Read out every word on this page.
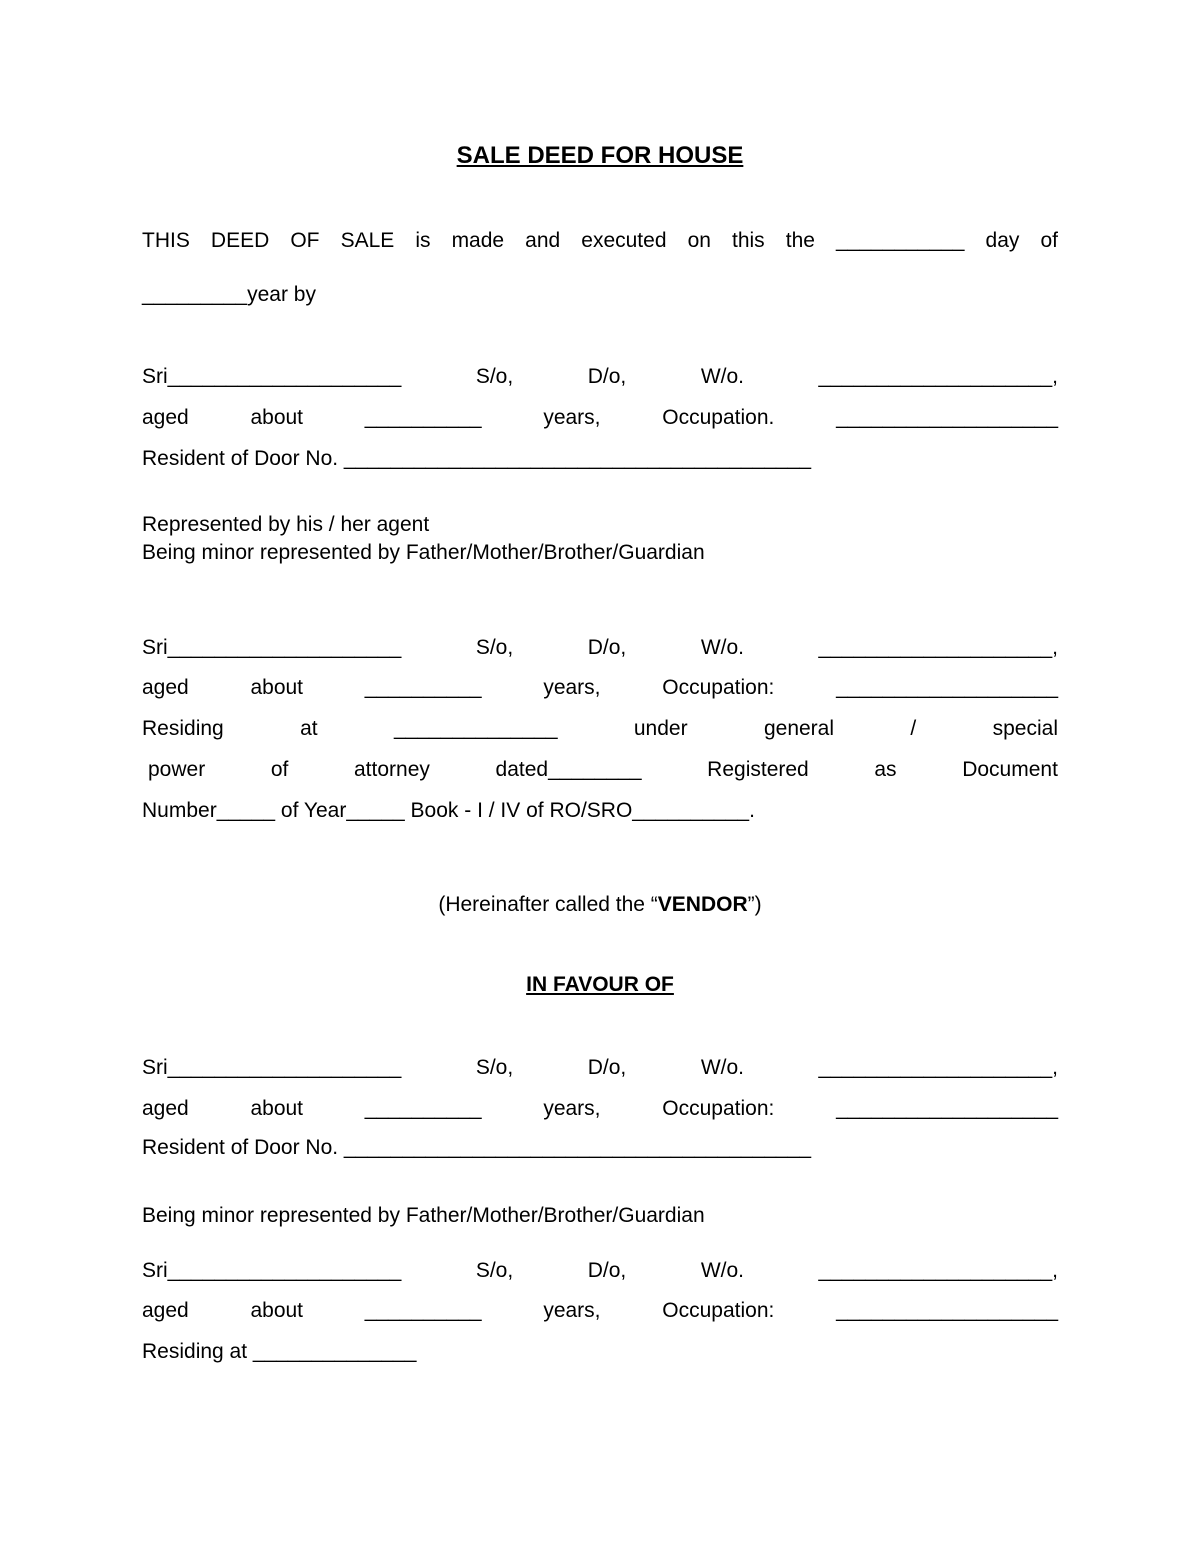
SALE DEED FOR HOUSE
THIS DEED OF SALE is made and executed on this the ___________ day of
_________year by
Sri____________________	S/o,	D/o,	W/o.	____________________,
aged	about	__________	years,	Occupation.	___________________
Resident of Door No. ________________________________________
Represented by his / her agent
Being minor represented by Father/Mother/Brother/Guardian
Sri____________________	S/o,	D/o,	W/o.	____________________,
aged	about	__________	years,	Occupation:	___________________
Residing	at	______________	under	general	/	special
power	of	attorney	dated________	Registered	as	Document
Number_____ of Year_____ Book - I / IV of RO/SRO__________.
(Hereinafter called the “VENDOR”)
IN FAVOUR OF
Sri____________________	S/o,	D/o,	W/o.	____________________,
aged	about	__________	years,	Occupation:	___________________
Resident of Door No. ________________________________________
Being minor represented by Father/Mother/Brother/Guardian
Sri____________________	S/o,	D/o,	W/o.	____________________,
aged	about	__________	years,	Occupation:	___________________
Residing at ______________
